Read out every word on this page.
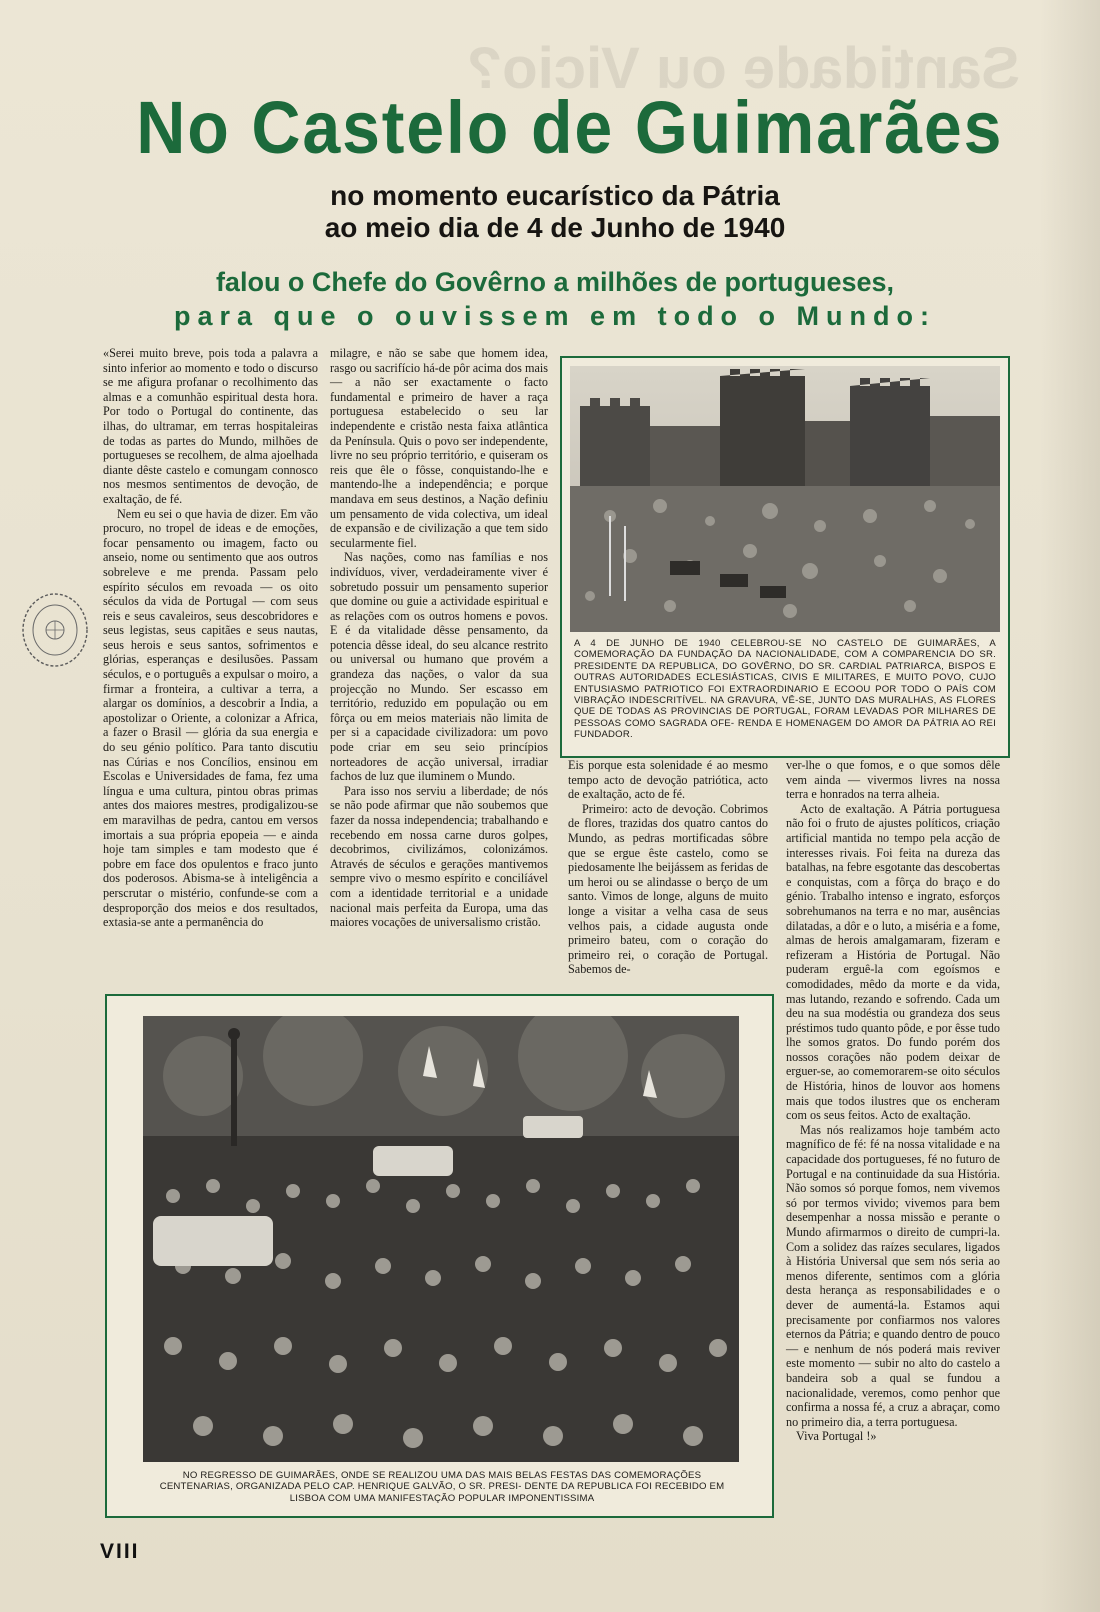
Santidade ou Vicio?
No Castelo de Guimarães
no momento eucarístico da Pátria
ao meio dia de 4 de Junho de 1940
falou o Chefe do Govêrno a milhões de portugueses,
para que o ouvissem em todo o Mundo:

«Serei muito breve, pois toda a palavra a sinto inferior ao momento e todo o discurso se me afigura profanar o recolhimento das almas e a comunhão espiritual desta hora. Por todo o Portugal do continente, das ilhas, do ultramar, em terras hospitaleiras de todas as partes do Mundo, milhões de portugueses se recolhem, de alma ajoelhada diante dêste castelo e comungam connosco nos mesmos sentimentos de devoção, de exaltação, de fé.

Nem eu sei o que havia de dizer. Em vão procuro, no tropel de ideas e de emoções, focar pensamento ou imagem, facto ou anseio, nome ou sentimento que aos outros sobreleve e me prenda. Passam pelo espírito séculos em revoada — os oito séculos da vida de Portugal — com seus reis e seus cavaleiros, seus descobridores e seus legistas, seus capitães e seus nautas, seus herois e seus santos, sofrimentos e glórias, esperanças e desilusões. Passam séculos, e o português a expulsar o moiro, a firmar a fronteira, a cultivar a terra, a alargar os domínios, a descobrir a India, a apostolizar o Oriente, a colonizar a Africa, a fazer o Brasil — glória da sua energia e do seu génio político. Para tanto discutiu nas Cúrias e nos Concílios, ensinou em Escolas e Universidades de fama, fez uma língua e uma cultura, pintou obras primas antes dos maiores mestres, prodigalizou-se em maravilhas de pedra, cantou em versos imortais a sua própria epopeia — e ainda hoje tam simples e tam modesto que é pobre em face dos opulentos e fraco junto dos poderosos. Abisma-se à inteligência a perscrutar o mistério, confunde-se com a desproporção dos meios e dos resultados, extasia-se ante a permanência do

milagre, e não se sabe que homem idea, rasgo ou sacrifício há-de pôr acima dos mais — a não ser exactamente o facto fundamental e primeiro de haver a raça portuguesa estabelecido o seu lar independente e cristão nesta faixa atlântica da Península. Quis o povo ser independente, livre no seu próprio território, e quiseram os reis que êle o fôsse, conquistando-lhe e mantendo-lhe a independência; e porque mandava em seus destinos, a Nação definiu um pensamento de vida colectiva, um ideal de expansão e de civilização a que tem sido secularmente fiel.

Nas nações, como nas famílias e nos indivíduos, viver, verdadeiramente viver é sobretudo possuir um pensamento superior que domine ou guie a actividade espiritual e as relações com os outros homens e povos. E é da vitalidade dêsse pensamento, da potencia dêsse ideal, do seu alcance restrito ou universal ou humano que provém a grandeza das nações, o valor da sua projecção no Mundo. Ser escasso em território, reduzido em população ou em fôrça ou em meios materiais não limita de per si a capacidade civilizadora: um povo pode criar em seu seio princípios norteadores de acção universal, irradiar fachos de luz que iluminem o Mundo.

Para isso nos serviu a liberdade; de nós se não pode afirmar que não soubemos que fazer da nossa independencia; trabalhando e recebendo em nossa carne duros golpes, decobrimos, civilizámos, colonizámos. Através de séculos e gerações mantivemos sempre vivo o mesmo espírito e concilíável com a identidade territorial e a unidade nacional mais perfeita da Europa, uma das maiores vocações de universalismo cristão.

A 4 DE JUNHO DE 1940 CELEBROU-SE NO CASTELO DE GUIMARÃES, A COMEMORAÇÃO DA FUNDAÇÃO DA NACIONALIDADE, COM A COMPARENCIA DO SR. PRESIDENTE DA REPUBLICA, DO GOVÊRNO, DO SR. CARDIAL PATRIARCA, BISPOS E OUTRAS AUTORIDADES ECLESIÁSTICAS, CIVIS E MILITARES, E MUITO POVO, CUJO ENTUSIASMO PATRIOTICO FOI EXTRAORDINARIO E ECOOU POR TODO O PAÍS COM VIBRAÇÃO INDESCRITÍVEL. NA GRAVURA, VÊ-SE, JUNTO DAS MURALHAS, AS FLORES QUE DE TODAS AS PROVINCIAS DE PORTUGAL, FORAM LEVADAS POR MILHARES DE PESSOAS COMO SAGRADA OFE- RENDA E HOMENAGEM DO AMOR DA PÁTRIA AO REI FUNDADOR.

Eis porque esta solenidade é ao mesmo tempo acto de devoção patriótica, acto de exaltação, acto de fé.

Primeiro: acto de devoção. Cobrimos de flores, trazidas dos quatro cantos do Mundo, as pedras mortificadas sôbre que se ergue êste castelo, como se piedosamente lhe beijássem as feridas de um heroi ou se alindasse o berço de um santo. Vimos de longe, alguns de muito longe a visitar a velha casa de seus velhos pais, a cidade augusta onde primeiro bateu, com o coração do primeiro rei, o coração de Portugal. Sabemos de-

ver-lhe o que fomos, e o que somos dêle vem ainda — vivermos livres na nossa terra e honrados na terra alheia.

Acto de exaltação. A Pátria portuguesa não foi o fruto de ajustes políticos, criação artificial mantida no tempo pela acção de interesses rivais. Foi feita na dureza das batalhas, na febre esgotante das descobertas e conquistas, com a fôrça do braço e do génio. Trabalho intenso e ingrato, esforços sobrehumanos na terra e no mar, ausências dilatadas, a dôr e o luto, a miséria e a fome, almas de herois amalgamaram, fizeram e refizeram a História de Portugal. Não puderam erguê-la com egoísmos e comodidades, mêdo da morte e da vida, mas lutando, rezando e sofrendo. Cada um deu na sua modéstia ou grandeza dos seus préstimos tudo quanto pôde, e por êsse tudo lhe somos gratos. Do fundo porém dos nossos corações não podem deixar de erguer-se, ao comemorarem-se oito séculos de História, hinos de louvor aos homens mais que todos ilustres que os encheram com os seus feitos. Acto de exaltação.

Mas nós realizamos hoje também acto magnífico de fé: fé na nossa vitalidade e na capacidade dos portugueses, fé no futuro de Portugal e na continuidade da sua História. Não somos só porque fomos, nem vivemos só por termos vivido; vivemos para bem desempenhar a nossa missão e perante o Mundo afirmarmos o direito de cumpri-la. Com a solidez das raízes seculares, ligados à História Universal que sem nós seria ao menos diferente, sentimos com a glória desta herança as responsabilidades e o dever de aumentá-la. Estamos aqui precisamente por confiarmos nos valores eternos da Pátria; e quando dentro de pouco — e nenhum de nós poderá mais reviver este momento — subir no alto do castelo a bandeira sob a qual se fundou a nacionalidade, veremos, como penhor que confirma a nossa fé, a cruz a abraçar, como no primeiro dia, a terra portuguesa.

Viva Portugal !»

NO REGRESSO DE GUIMARÃES, ONDE SE REALIZOU UMA DAS MAIS BELAS FESTAS DAS COMEMORAÇÕES CENTENARIAS, ORGANIZADA PELO CAP. HENRIQUE GALVÃO, O SR. PRESI- DENTE DA REPUBLICA FOI RECEBIDO EM LISBOA COM UMA MANIFESTAÇÃO POPULAR IMPONENTISSIMA
VIII
